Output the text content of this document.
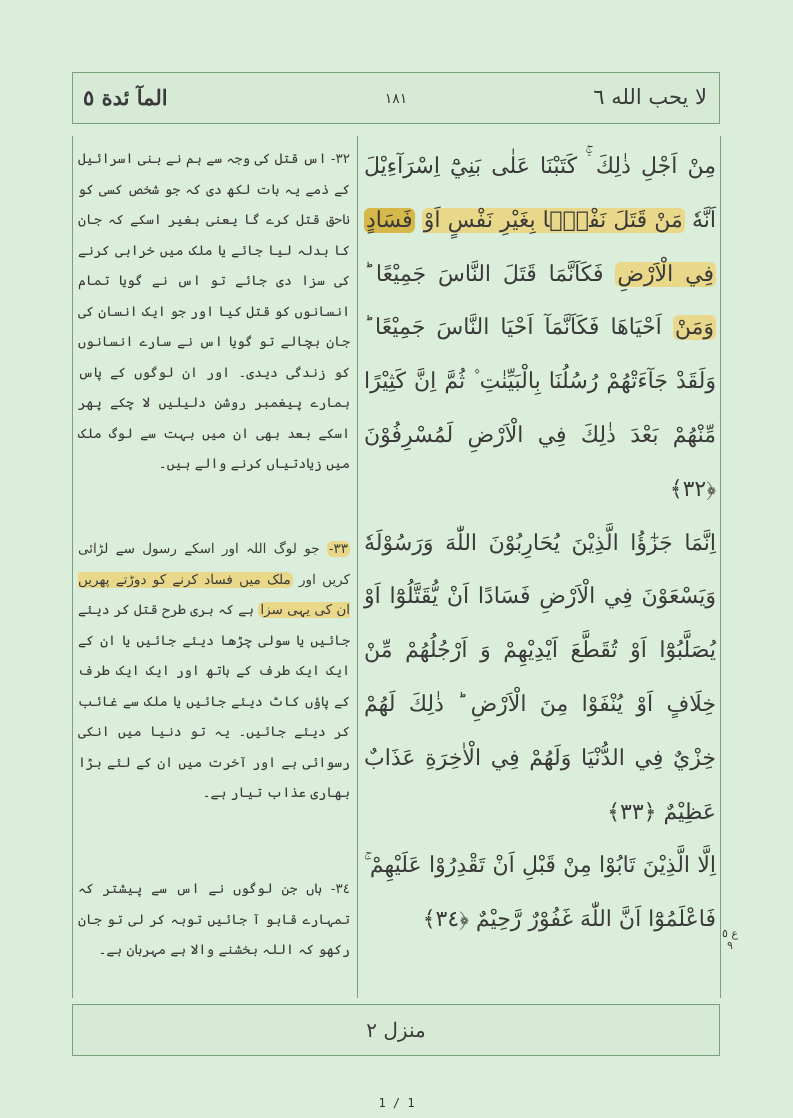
لا يحب الله ٦
١٨١
المآ ئدة ٥

٣٢- اس قتل کی وجہ سے ہم نے بنی اسرائیل کے ذمے یہ بات لکھ دی کہ جو شخص کسی کو ناحق قتل کرے گا یعنی بغیر اسکے کہ جان کا بدلہ لیا جائے یا ملک میں خرابی کرنے کی سزا دی جائے تو اس نے گویا تمام انسانوں کو قتل کیا اور جو ایک انسان کی جان بچالے تو گویا اس نے سارے انسانوں کو زندگی دیدی۔ اور ان لوگوں کے پاس ہمارے پیغمبر روشن دلیلیں لا چکے پھر اسکے بعد بھی ان میں بہت سے لوگ ملک میں زیادتیاں کرنے والے ہیں۔

٣٣- جو لوگ اللہ اور اسکے رسول سے لڑائی کریں اور ملک میں فساد کرنے کو دوڑتے پھریں ان کی یہی سزا ہے کہ بری طرح قتل کر دیئے جائیں یا سولی چڑھا دیئے جائیں یا ان کے ایک ایک طرف کے ہاتھ اور ایک ایک طرف کے پاؤں کاٹ دیئے جائیں یا ملک سے غائب کر دیئے جائیں۔ یہ تو دنیا میں انکی رسوائی ہے اور آخرت میں ان کے لئے بڑا بھاری عذاب تیار ہے۔

٣٤- ہاں جن لوگوں نے اس سے پیشتر کہ تمہارے قابو آ جائیں توبہ کر لی تو جان رکھو کہ اللہ بخشنے والا ہے مہربان ہے۔

مِنْ اَجْلِ ذٰلِكَ ۛۚ كَتَبْنَا عَلٰى بَنِيْٓ اِسْرَآءِيْلَ اَنَّهٗ مَنْ قَتَلَ نَفْسًۢا بِغَيْرِ نَفْسٍ اَوْ فَسَادٍ فِي الْاَرْضِ فَكَاَنَّمَا قَتَلَ النَّاسَ جَمِيْعًا ؕ وَمَنْ اَحْيَاهَا فَكَاَنَّمَآ اَحْيَا النَّاسَ جَمِيْعًا ؕ وَلَقَدْ جَآءَتْهُمْ رُسُلُنَا بِالْبَيِّنٰتِ ۫ ثُمَّ اِنَّ كَثِيْرًا مِّنْهُمْ بَعْدَ ذٰلِكَ فِي الْاَرْضِ لَمُسْرِفُوْنَ ﴿٣٢﴾

اِنَّمَا جَزٰٓؤُا الَّذِيْنَ يُحَارِبُوْنَ اللّٰهَ وَرَسُوْلَهٗ وَيَسْعَوْنَ فِي الْاَرْضِ فَسَادًا اَنْ يُّقَتَّلُوْٓا اَوْ يُصَلَّبُوْٓا اَوْ تُقَطَّعَ اَيْدِيْهِمْ وَ اَرْجُلُهُمْ مِّنْ خِلَافٍ اَوْ يُنْفَوْا مِنَ الْاَرْضِ ؕ ذٰلِكَ لَهُمْ خِزْيٌ فِي الدُّنْيَا وَلَهُمْ فِي الْاٰخِرَةِ عَذَابٌ عَظِيْمٌ ﴿٣٣﴾

اِلَّا الَّذِيْنَ تَابُوْا مِنْ قَبْلِ اَنْ تَقْدِرُوْا عَلَيْهِمْ ۚ فَاعْلَمُوْٓا اَنَّ اللّٰهَ غَفُوْرٌ رَّحِيْمٌ ﴿٣٤﴾

ع ٥ ٩
منزل ٢
1 / 1
